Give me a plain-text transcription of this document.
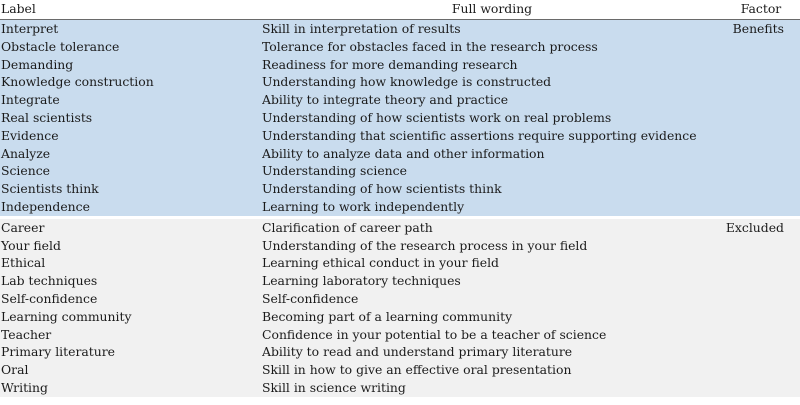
Label	Full wording	Factor
Interpret	Skill in interpretation of results	Benefits
Obstacle tolerance	Tolerance for obstacles faced in the research process	
Demanding	Readiness for more demanding research	
Knowledge construction	Understanding how knowledge is constructed	
Integrate	Ability to integrate theory and practice	
Real scientists	Understanding of how scientists work on real problems	
Evidence	Understanding that scientific assertions require supporting evidence	
Analyze	Ability to analyze data and other information	
Science	Understanding science	
Scientists think	Understanding of how scientists think	
Independence	Learning to work independently	

Career	Clarification of career path	Excluded
Your field	Understanding of the research process in your field	
Ethical	Learning ethical conduct in your field	
Lab techniques	Learning laboratory techniques	
Self-confidence	Self-confidence	
Learning community	Becoming part of a learning community	
Teacher	Confidence in your potential to be a teacher of science	
Primary literature	Ability to read and understand primary literature	
Oral	Skill in how to give an effective oral presentation	
Writing	Skill in science writing	
